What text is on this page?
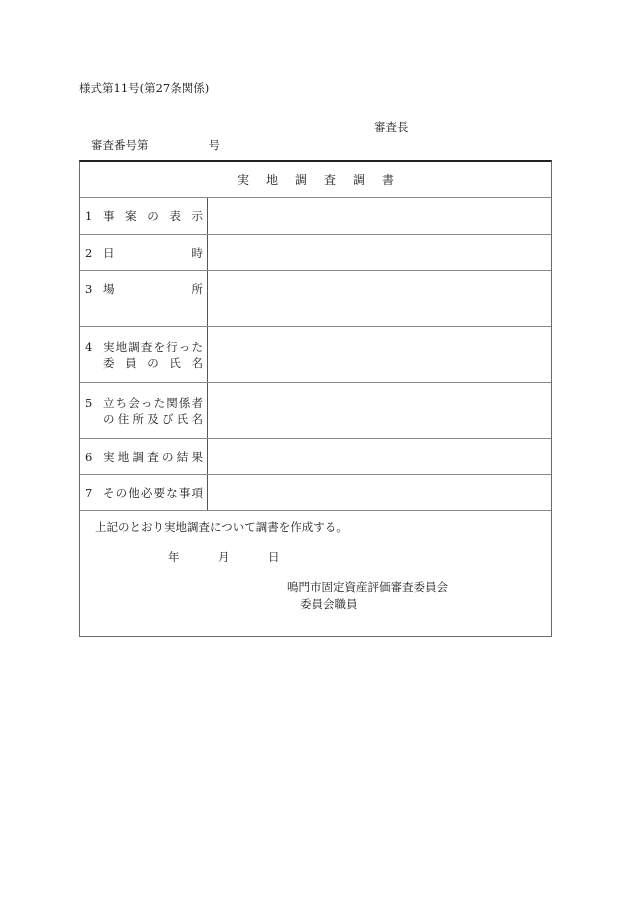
様式第11号(第27条関係)
審査長
審査番号第	号
実地調査調書
1 事 案 の 表 示
2 日	時
3 場	所
4 実 地 調 査 を 行 っ た
委 員 の 氏 名
5 立 ち 会 っ た 関 係 者
の 住 所 及 び 氏 名
6 実 地 調 査 の 結 果
7 そ の 他 必 要 な 事 項
上記のとおり実地調査について調書を作成する。
年	月	日
鳴門市固定資産評価審査委員会
委員会職員
